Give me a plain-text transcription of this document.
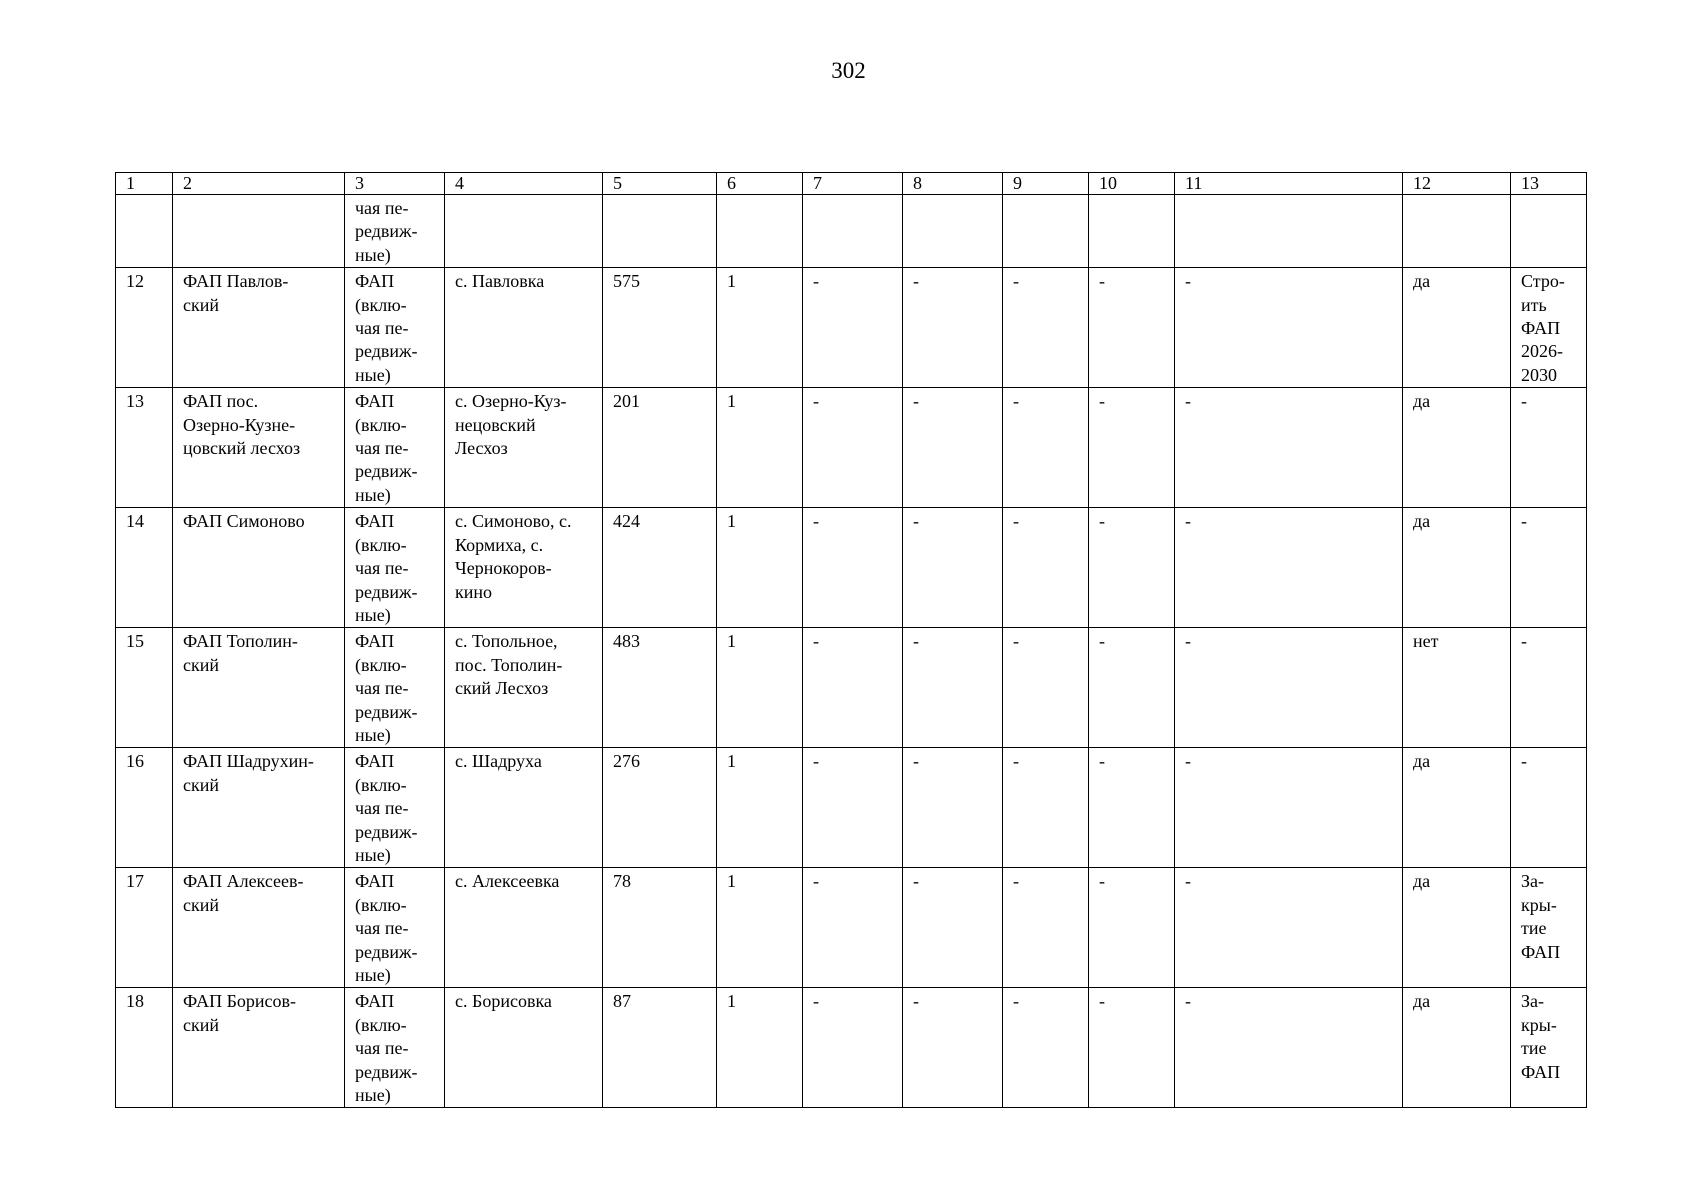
302
1	2	3	4	5	6	7	8	9	10	11	12	13
		чая пе-
редвиж-
ные)										
12	ФАП Павлов-
ский	ФАП
(вклю-
чая пе-
редвиж-
ные)	с. Павловка	575	1	-	-	-	-	-	да	Стро-
ить
ФАП
2026-
2030
13	ФАП пос.
Озерно-Кузне-
цовский лесхоз	ФАП
(вклю-
чая пе-
редвиж-
ные)	с. Озерно-Куз-
нецовский
Лесхоз	201	1	-	-	-	-	-	да	-
14	ФАП Симоново	ФАП
(вклю-
чая пе-
редвиж-
ные)	с. Симоново, с.
Кормиха, с.
Чернокоров-
кино	424	1	-	-	-	-	-	да	-
15	ФАП Тополин-
ский	ФАП
(вклю-
чая пе-
редвиж-
ные)	с. Топольное,
пос. Тополин-
ский Лесхоз	483	1	-	-	-	-	-	нет	-
16	ФАП Шадрухин-
ский	ФАП
(вклю-
чая пе-
редвиж-
ные)	с. Шадруха	276	1	-	-	-	-	-	да	-
17	ФАП Алексеев-
ский	ФАП
(вклю-
чая пе-
редвиж-
ные)	с. Алексеевка	78	1	-	-	-	-	-	да	За-
кры-
тие
ФАП
18	ФАП Борисов-
ский	ФАП
(вклю-
чая пе-
редвиж-
ные)	с. Борисовка	87	1	-	-	-	-	-	да	За-
кры-
тие
ФАП
